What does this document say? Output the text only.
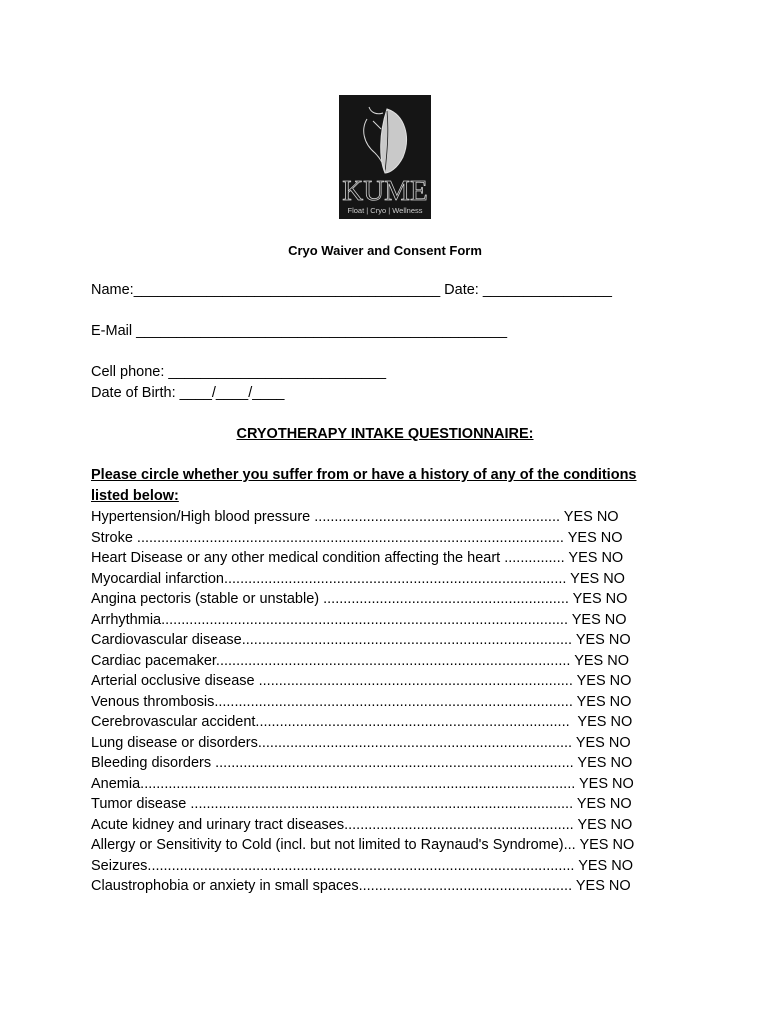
KUME
Float | Cryo | Wellness
Cryo Waiver and Consent Form
Name:______________________________________ Date: ________________
E-Mail ______________________________________________
Cell phone: ___________________________
Date of Birth: ____/____/____
CRYOTHERAPY INTAKE QUESTIONNAIRE:
Please circle whether you suffer from or have a history of any of the conditions listed below:
Hypertension/High blood pressure ............................................................. YES NO
Stroke .......................................................................................................... YES NO
Heart Disease or any other medical condition affecting the heart ............... YES NO
Myocardial infarction..................................................................................... YES NO
Angina pectoris (stable or unstable) ............................................................. YES NO
Arrhythmia..................................................................................................... YES NO
Cardiovascular disease.................................................................................. YES NO
Cardiac pacemaker........................................................................................ YES NO
Arterial occlusive disease .............................................................................. YES NO
Venous thrombosis......................................................................................... YES NO
Cerebrovascular accident..............................................................................  YES NO
Lung disease or disorders.............................................................................. YES NO
Bleeding disorders ......................................................................................... YES NO
Anemia............................................................................................................ YES NO
Tumor disease ............................................................................................... YES NO
Acute kidney and urinary tract diseases......................................................... YES NO
Allergy or Sensitivity to Cold (incl. but not limited to Raynaud's Syndrome)... YES NO
Seizures.......................................................................................................... YES NO
Claustrophobia or anxiety in small spaces..................................................... YES NO
